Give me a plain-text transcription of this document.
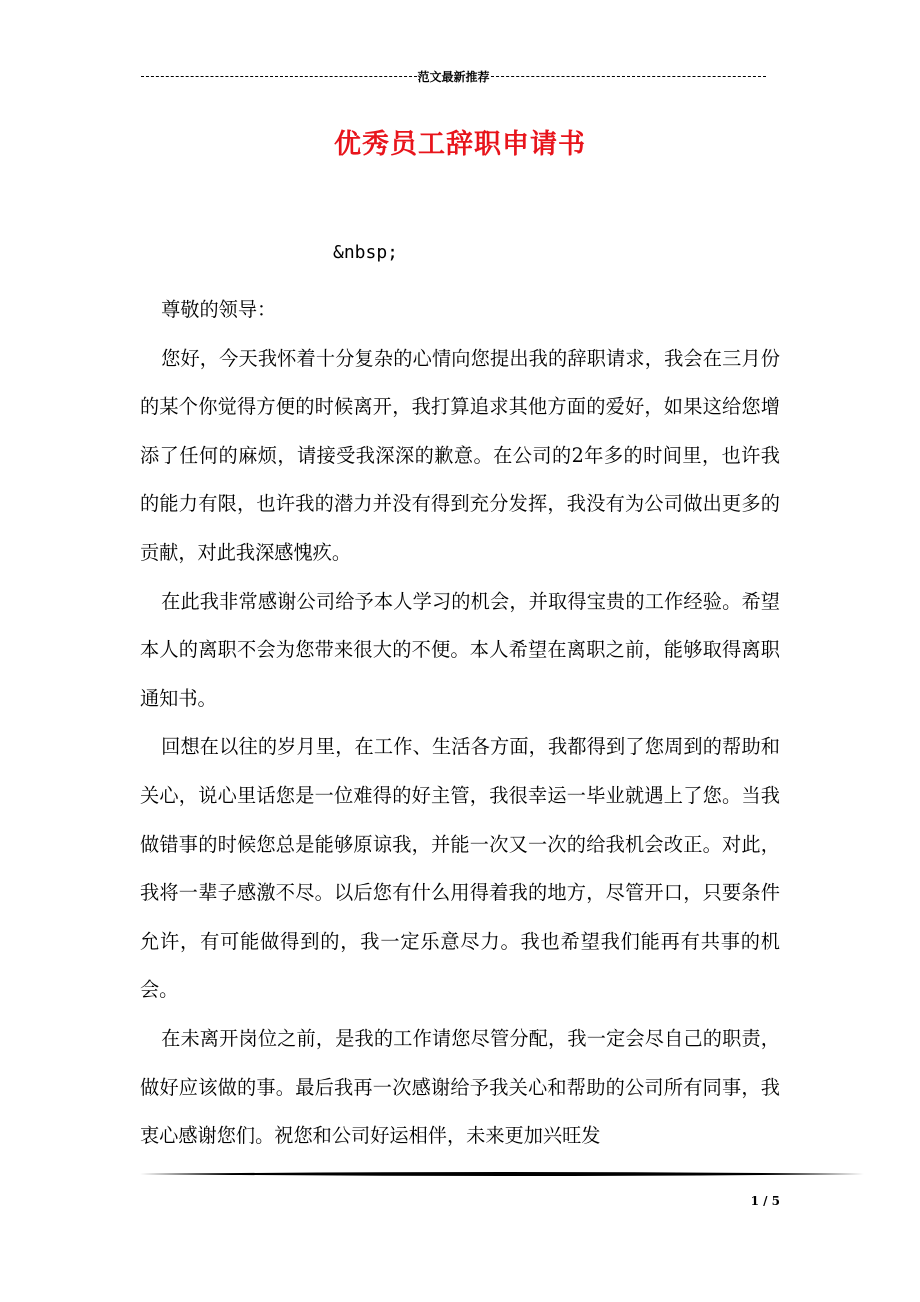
范文最新推荐
优秀员工辞职申请书
&nbsp;

尊敬的领导：

您好，今天我怀着十分复杂的心情向您提出我的辞职请求，我会在三月份的某个你觉得方便的时候离开，我打算追求其他方面的爱好，如果这给您增添了任何的麻烦，请接受我深深的歉意。在公司的2年多的时间里，也许我的能力有限，也许我的潜力并没有得到充分发挥，我没有为公司做出更多的贡献，对此我深感愧疚。

在此我非常感谢公司给予本人学习的机会，并取得宝贵的工作经验。希望本人的离职不会为您带来很大的不便。本人希望在离职之前，能够取得离职通知书。

回想在以往的岁月里，在工作、生活各方面，我都得到了您周到的帮助和关心，说心里话您是一位难得的好主管，我很幸运一毕业就遇上了您。当我做错事的时候您总是能够原谅我，并能一次又一次的给我机会改正。对此，我将一辈子感激不尽。以后您有什么用得着我的地方，尽管开口，只要条件允许，有可能做得到的，我一定乐意尽力。我也希望我们能再有共事的机会。

在未离开岗位之前，是我的工作请您尽管分配，我一定会尽自己的职责，做好应该做的事。最后我再一次感谢给予我关心和帮助的公司所有同事，我衷心感谢您们。祝您和公司好运相伴，未来更加兴旺发

1 / 5
